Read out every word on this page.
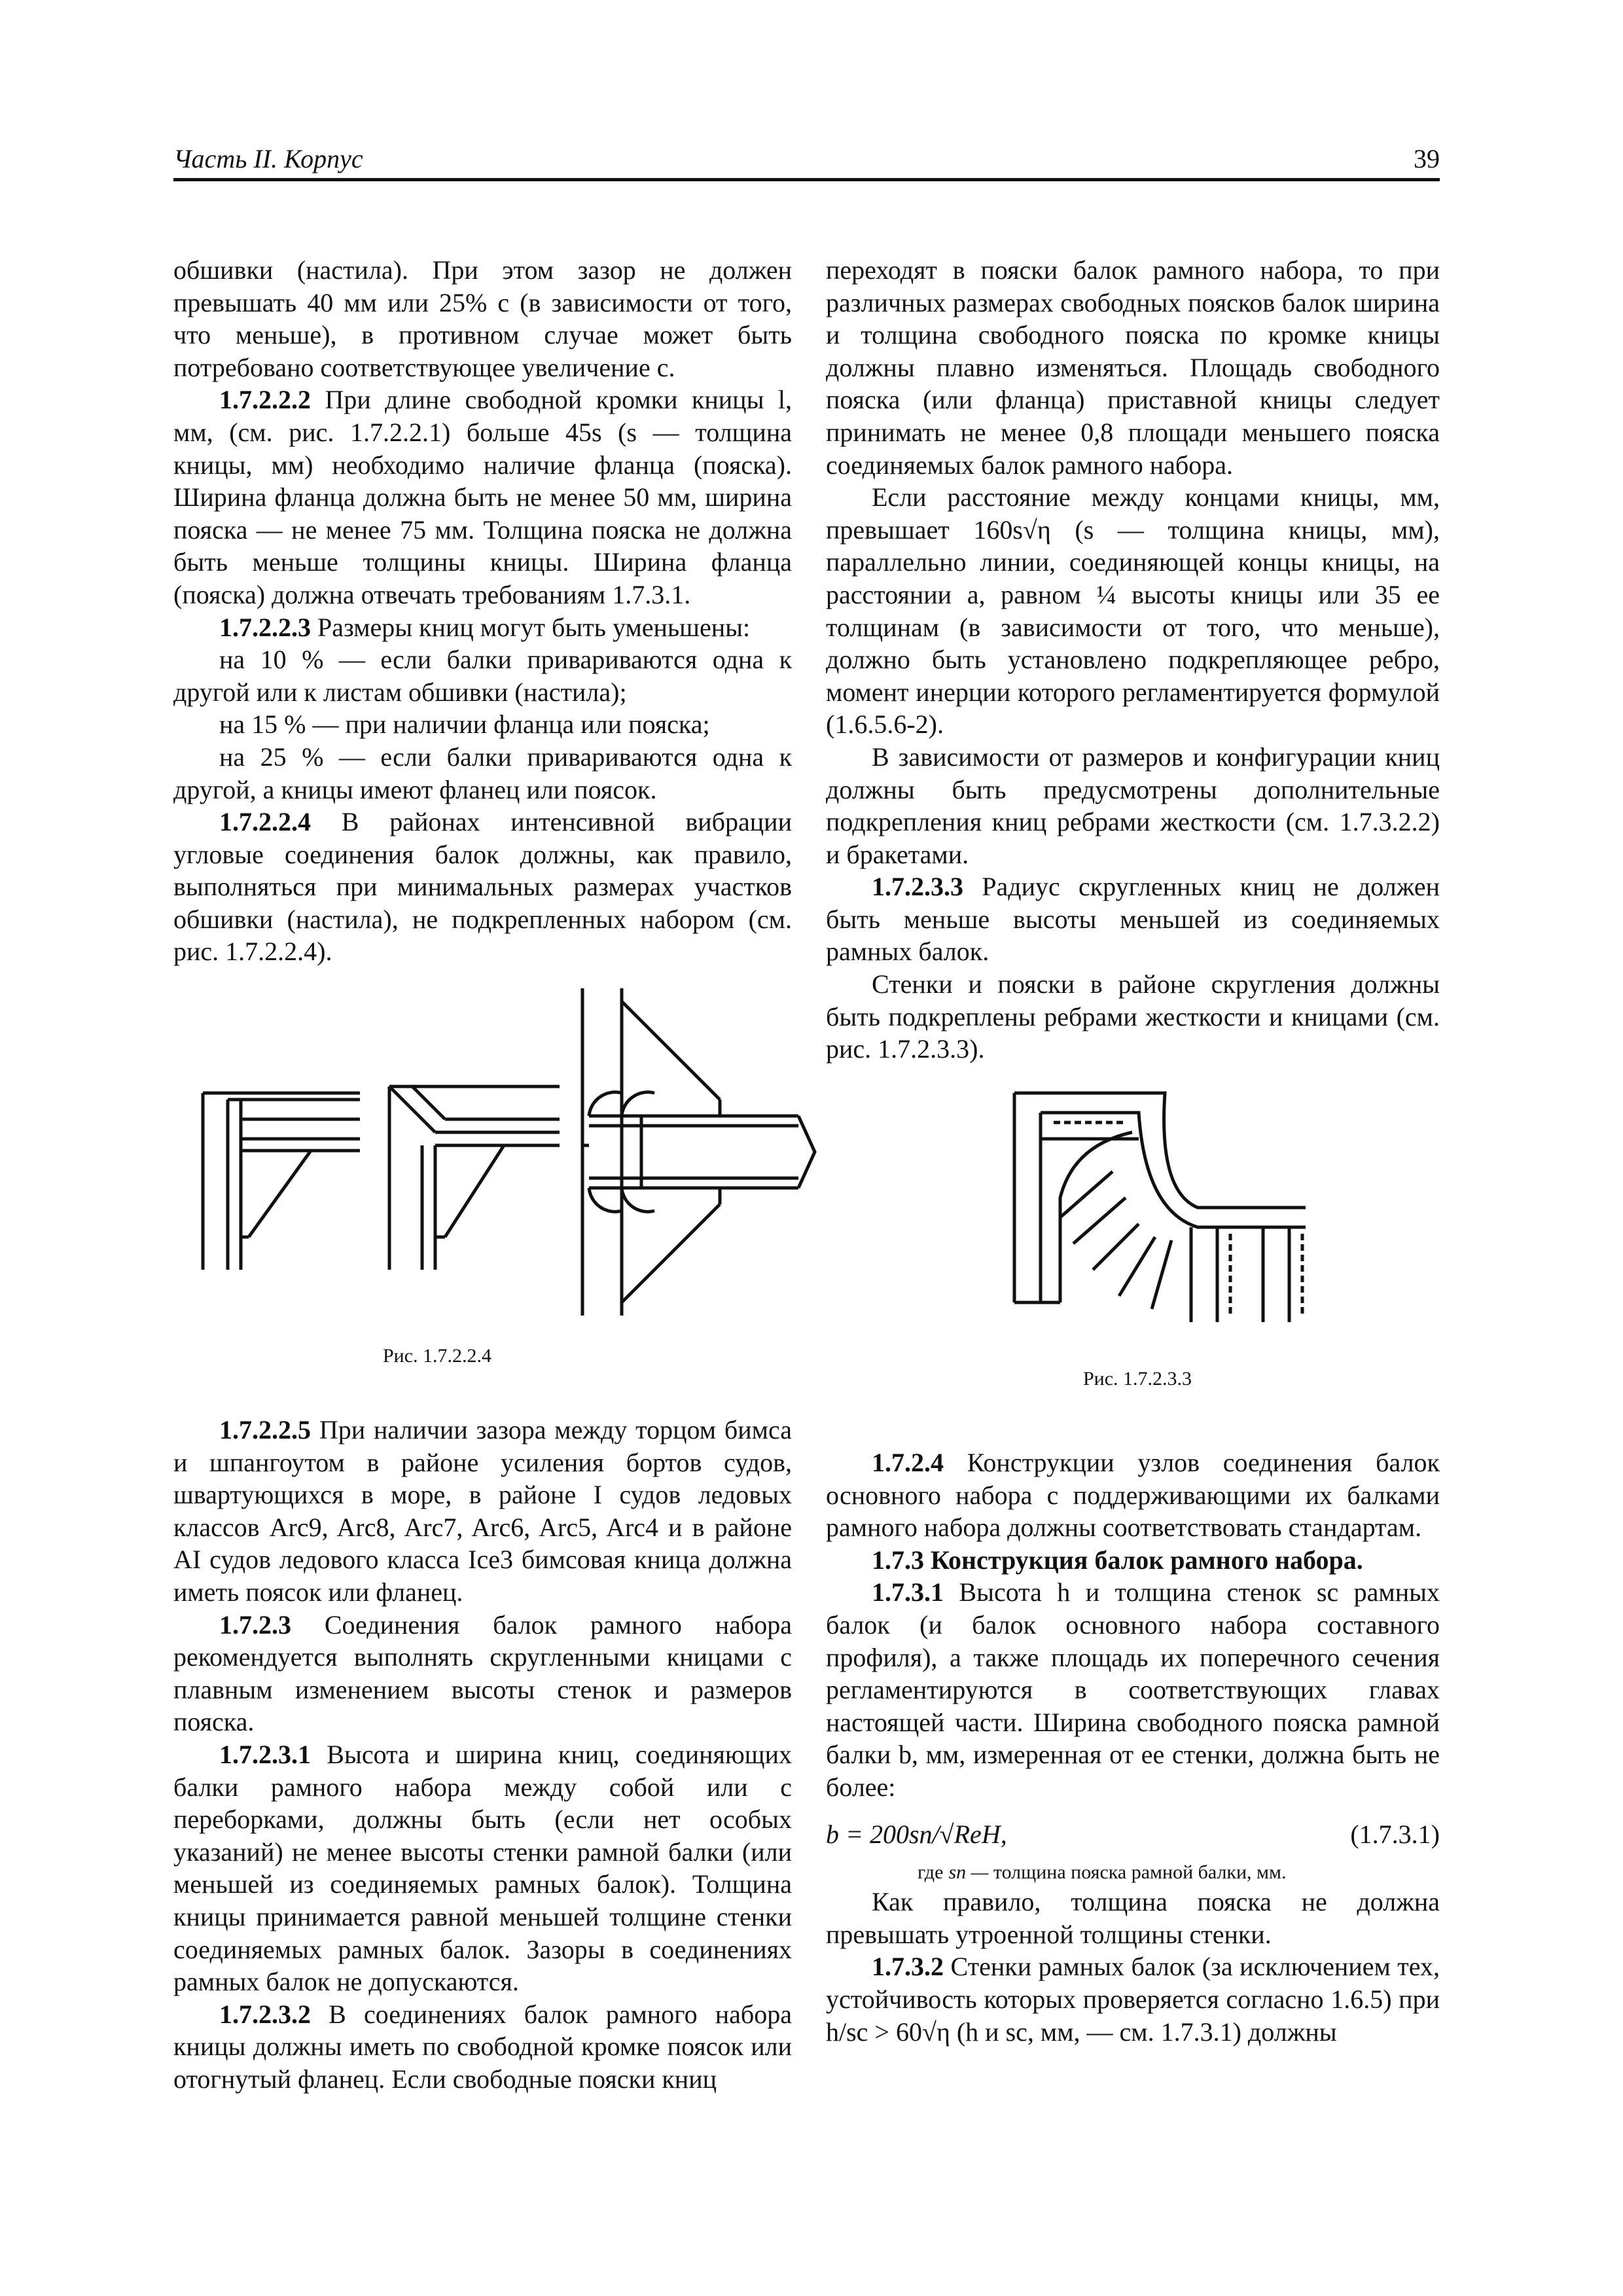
Часть II. Корпус	39

обшивки (настила). При этом зазор не должен превышать 40 мм или 25% c (в зависимости от того, что меньше), в противном случае может быть потребовано соответствующее увеличение c.

1.7.2.2.2 При длине свободной кромки кницы l, мм, (см. рис. 1.7.2.2.1) больше 45s (s — толщина кницы, мм) необходимо наличие фланца (пояска). Ширина фланца должна быть не менее 50 мм, ширина пояска — не менее 75 мм. Толщина пояска не должна быть меньше толщины кницы. Ширина фланца (пояска) должна отвечать требованиям 1.7.3.1.

1.7.2.2.3 Размеры книц могут быть уменьшены:

на 10 % — если балки привариваются одна к другой или к листам обшивки (настила);

на 15 % — при наличии фланца или пояска;

на 25 % — если балки привариваются одна к другой, а кницы имеют фланец или поясок.

1.7.2.2.4 В районах интенсивной вибрации угловые соединения балок должны, как правило, выполняться при минимальных размерах участков обшивки (настила), не подкрепленных набором (см. рис. 1.7.2.2.4).

переходят в пояски балок рамного набора, то при различных размерах свободных поясков балок ширина и толщина свободного пояска по кромке кницы должны плавно изменяться. Площадь свободного пояска (или фланца) приставной кницы следует принимать не менее 0,8 площади меньшего пояска соединяемых балок рамного набора.

Если расстояние между концами кницы, мм, превышает 160s√η (s — толщина кницы, мм), параллельно линии, соединяющей концы кницы, на расстоянии a, равном ¼ высоты кницы или 35 ее толщинам (в зависимости от того, что меньше), должно быть установлено подкрепляющее ребро, момент инерции которого регламентируется формулой (1.6.5.6-2).

В зависимости от размеров и конфигурации книц должны быть предусмотрены дополнительные подкрепления книц ребрами жесткости (см. 1.7.3.2.2) и бракетами.

1.7.2.3.3 Радиус скругленных книц не должен быть меньше высоты меньшей из соединяемых рамных балок.

Стенки и пояски в районе скругления должны быть подкреплены ребрами жесткости и кницами (см. рис. 1.7.2.3.3).

Рис. 1.7.2.2.4
Рис. 1.7.2.3.3

1.7.2.2.5 При наличии зазора между торцом бимса и шпангоутом в районе усиления бортов судов, швартующихся в море, в районе I судов ледовых классов Arc9, Arc8, Arc7, Arc6, Arc5, Arc4 и в районе AI судов ледового класса Ice3 бимсовая кница должна иметь поясок или фланец.

1.7.2.3 Соединения балок рамного набора рекомендуется выполнять скругленными кницами с плавным изменением высоты стенок и размеров пояска.

1.7.2.3.1 Высота и ширина книц, соединяющих балки рамного набора между собой или с переборками, должны быть (если нет особых указаний) не менее высоты стенки рамной балки (или меньшей из соединяемых рамных балок). Толщина кницы принимается равной меньшей толщине стенки соединяемых рамных балок. Зазоры в соединениях рамных балок не допускаются.

1.7.2.3.2 В соединениях балок рамного набора кницы должны иметь по свободной кромке поясок или отогнутый фланец. Если свободные пояски книц

1.7.2.4 Конструкции узлов соединения балок основного набора с поддерживающими их балками рамного набора должны соответствовать стандартам.

1.7.3 Конструкция балок рамного набора.

1.7.3.1 Высота h и толщина стенок sc рамных балок (и балок основного набора составного профиля), а также площадь их поперечного сечения регламентируются в соответствующих главах настоящей части. Ширина свободного пояска рамной балки b, мм, измеренная от ее стенки, должна быть не более:

b = 200sп/√ReH,	(1.7.3.1)

где sп — толщина пояска рамной балки, мм.

Как правило, толщина пояска не должна превышать утроенной толщины стенки.

1.7.3.2 Стенки рамных балок (за исключением тех, устойчивость которых проверяется согласно 1.6.5) при h/sc > 60√η (h и sc, мм, — см. 1.7.3.1) должны
